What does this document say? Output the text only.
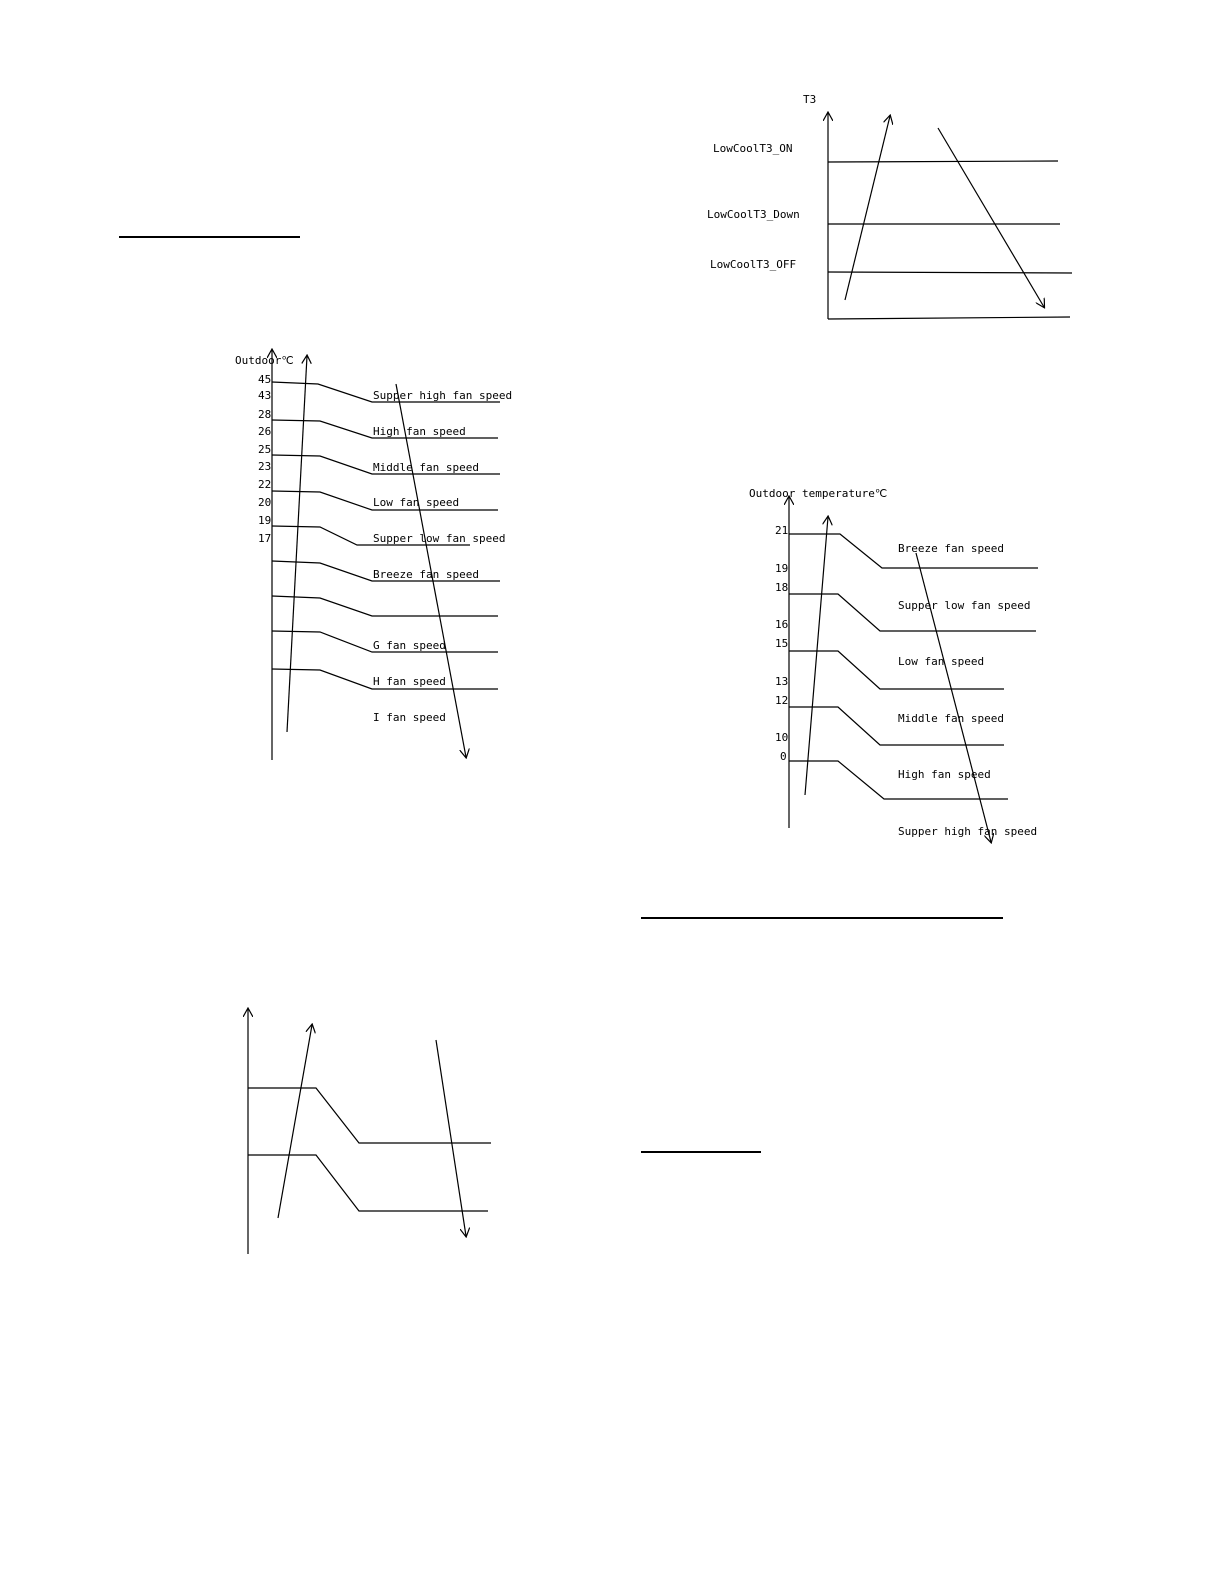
Outdoor℃
45
43
28
26
25
23
22
20
19
17
Supper high fan speed
High fan speed
Middle fan speed
Low fan speed
Supper low fan speed
Breeze fan speed
G fan speed
H fan speed
I fan speed
T3
LowCoolT3_ON
LowCoolT3_Down
LowCoolT3_OFF
Outdoor temperature℃
21
19
18
16
15
13
12
10
0
Breeze fan speed
Supper low fan speed
Low fan speed
Middle fan speed
High fan speed
Supper high fan speed
